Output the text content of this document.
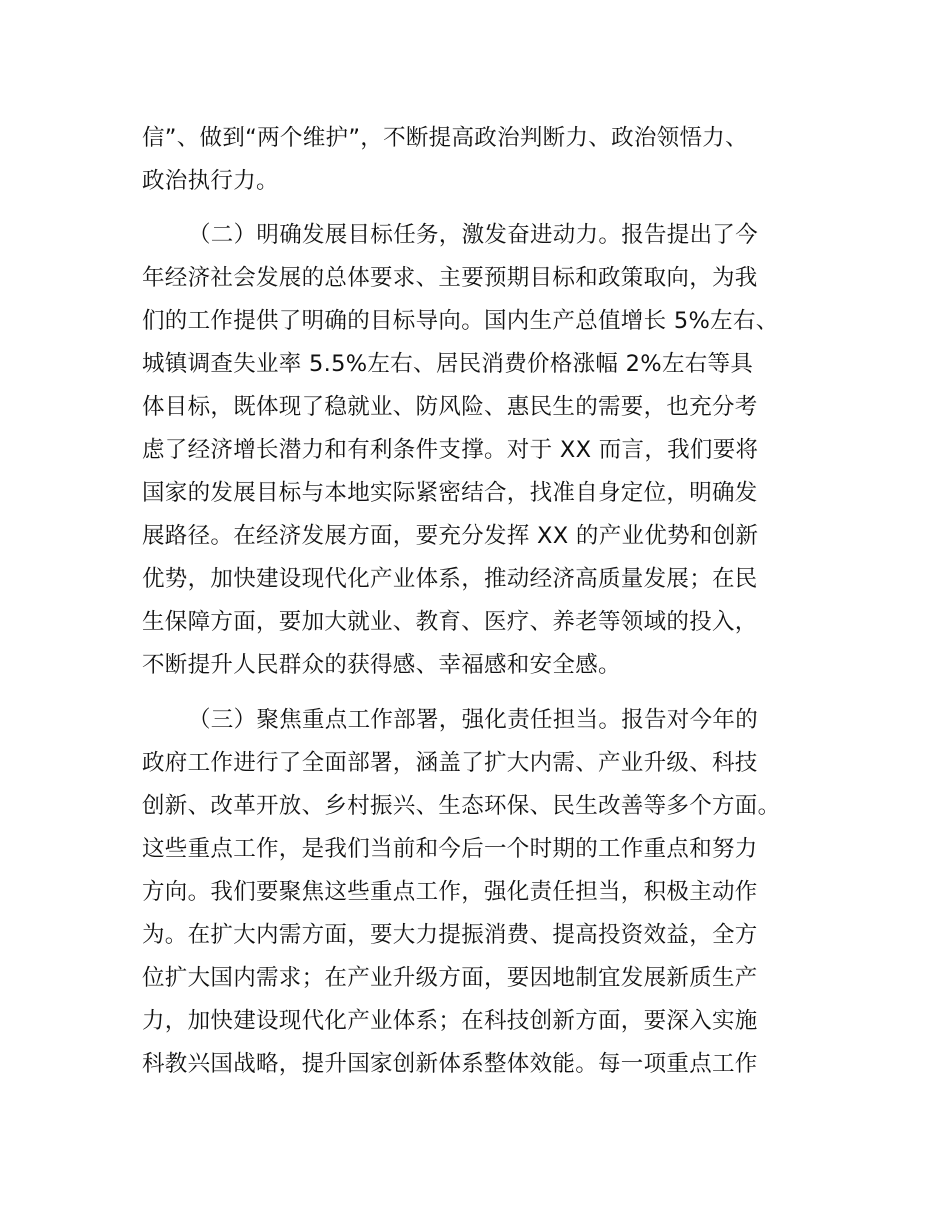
信”、做到“两个维护”，不断提高政治判断力、政治领悟力、
政治执行力。
（二）明确发展目标任务，激发奋进动力。报告提出了今
年经济社会发展的总体要求、主要预期目标和政策取向，为我
们的工作提供了明确的目标导向。国内生产总值增长 5%左右、
城镇调查失业率 5.5%左右、居民消费价格涨幅 2%左右等具
体目标，既体现了稳就业、防风险、惠民生的需要，也充分考
虑了经济增长潜力和有利条件支撑。对于 XX 而言，我们要将
国家的发展目标与本地实际紧密结合，找准自身定位，明确发
展路径。在经济发展方面，要充分发挥 XX 的产业优势和创新
优势，加快建设现代化产业体系，推动经济高质量发展；在民
生保障方面，要加大就业、教育、医疗、养老等领域的投入，
不断提升人民群众的获得感、幸福感和安全感。
（三）聚焦重点工作部署，强化责任担当。报告对今年的
政府工作进行了全面部署，涵盖了扩大内需、产业升级、科技
创新、改革开放、乡村振兴、生态环保、民生改善等多个方面。
这些重点工作，是我们当前和今后一个时期的工作重点和努力
方向。我们要聚焦这些重点工作，强化责任担当，积极主动作
为。在扩大内需方面，要大力提振消费、提高投资效益，全方
位扩大国内需求；在产业升级方面，要因地制宜发展新质生产
力，加快建设现代化产业体系；在科技创新方面，要深入实施
科教兴国战略，提升国家创新体系整体效能。每一项重点工作
